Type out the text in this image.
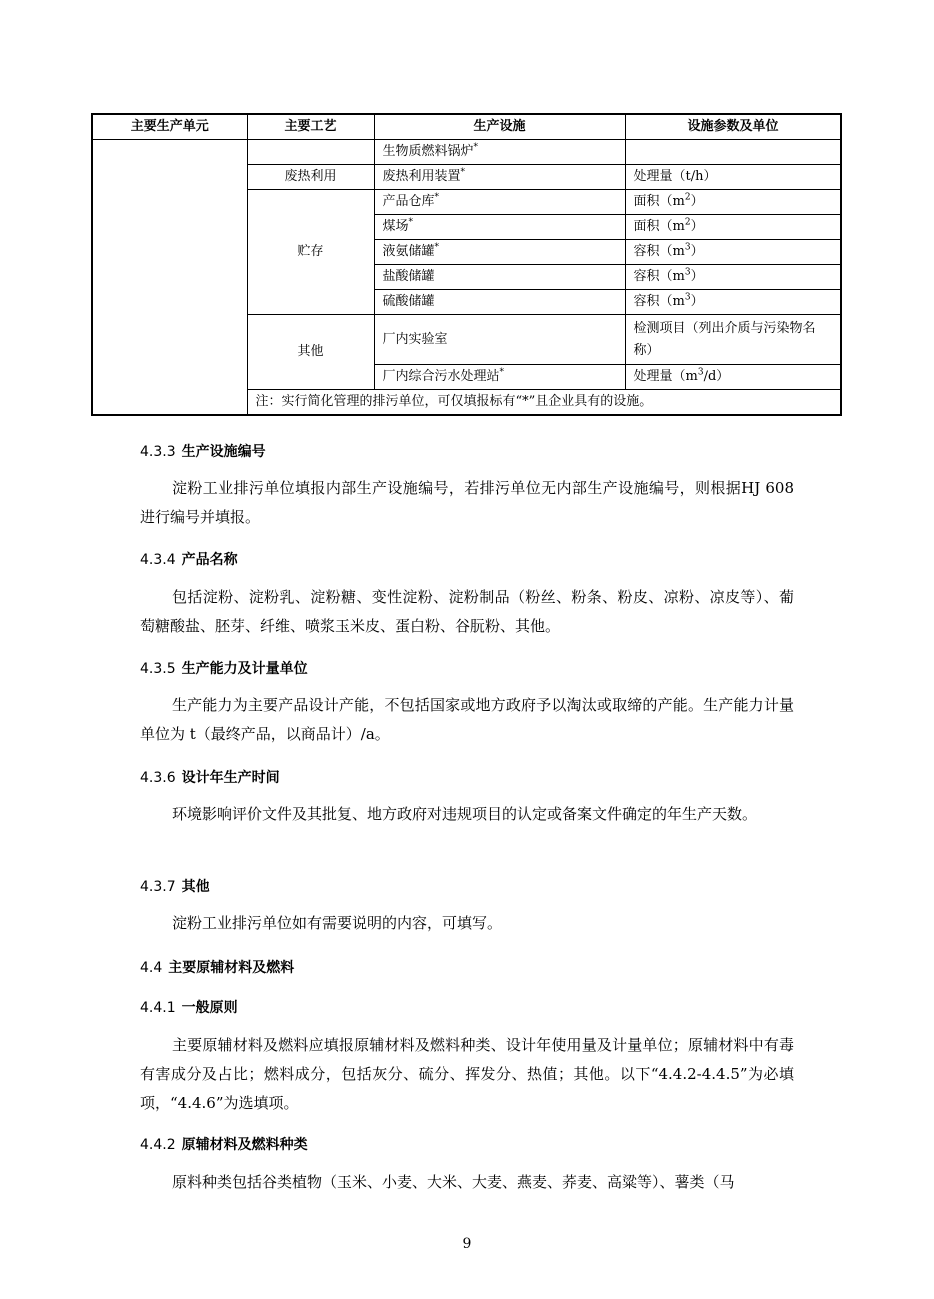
主要生产单元	主要工艺	生产设施	设施参数及单位
		生物质燃料锅炉*	
	废热利用	废热利用装置*	处理量（t/h）
	贮存	产品仓库*	面积$(m^2)$
		煤场*	面积$(m^2)$
		液氨储罐*	容积$(m^3)$
		盐酸储罐	容积$(m^3)$
		硫酸储罐	容积$(m^3)$
	其他	厂内实验室	检测项目（列出介质与污染物名称）
		厂内综合污水处理站*	处理量$(m^3/d)$
	注：实行简化管理的排污单位，可仅填报标有“*”且企业具有的设施。		
4.3.3 生产设施编号
淀粉工业排污单位填报内部生产设施编号，若排污单位无内部生产设施编号，则根据HJ 608 进行编号并填报。
4.3.4 产品名称
包括淀粉、淀粉乳、淀粉糖、变性淀粉、淀粉制品（粉丝、粉条、粉皮、凉粉、凉皮等）、葡萄糖酸盐、胚芽、纤维、喷浆玉米皮、蛋白粉、谷朊粉、其他。
4.3.5 生产能力及计量单位
生产能力为主要产品设计产能，不包括国家或地方政府予以淘汰或取缔的产能。生产能力计量单位为 t（最终产品，以商品计）/a。
4.3.6 设计年生产时间
环境影响评价文件及其批复、地方政府对违规项目的认定或备案文件确定的年生产天数。
4.3.7 其他
淀粉工业排污单位如有需要说明的内容，可填写。
4.4 主要原辅材料及燃料
4.4.1 一般原则
主要原辅材料及燃料应填报原辅材料及燃料种类、设计年使用量及计量单位；原辅材料中有毒有害成分及占比；燃料成分，包括灰分、硫分、挥发分、热值；其他。以下“4.4.2-4.4.5”为必填项，“4.4.6”为选填项。
4.4.2 原辅材料及燃料种类
原料种类包括谷类植物（玉米、小麦、大米、大麦、燕麦、荞麦、高粱等）、薯类（马
9
